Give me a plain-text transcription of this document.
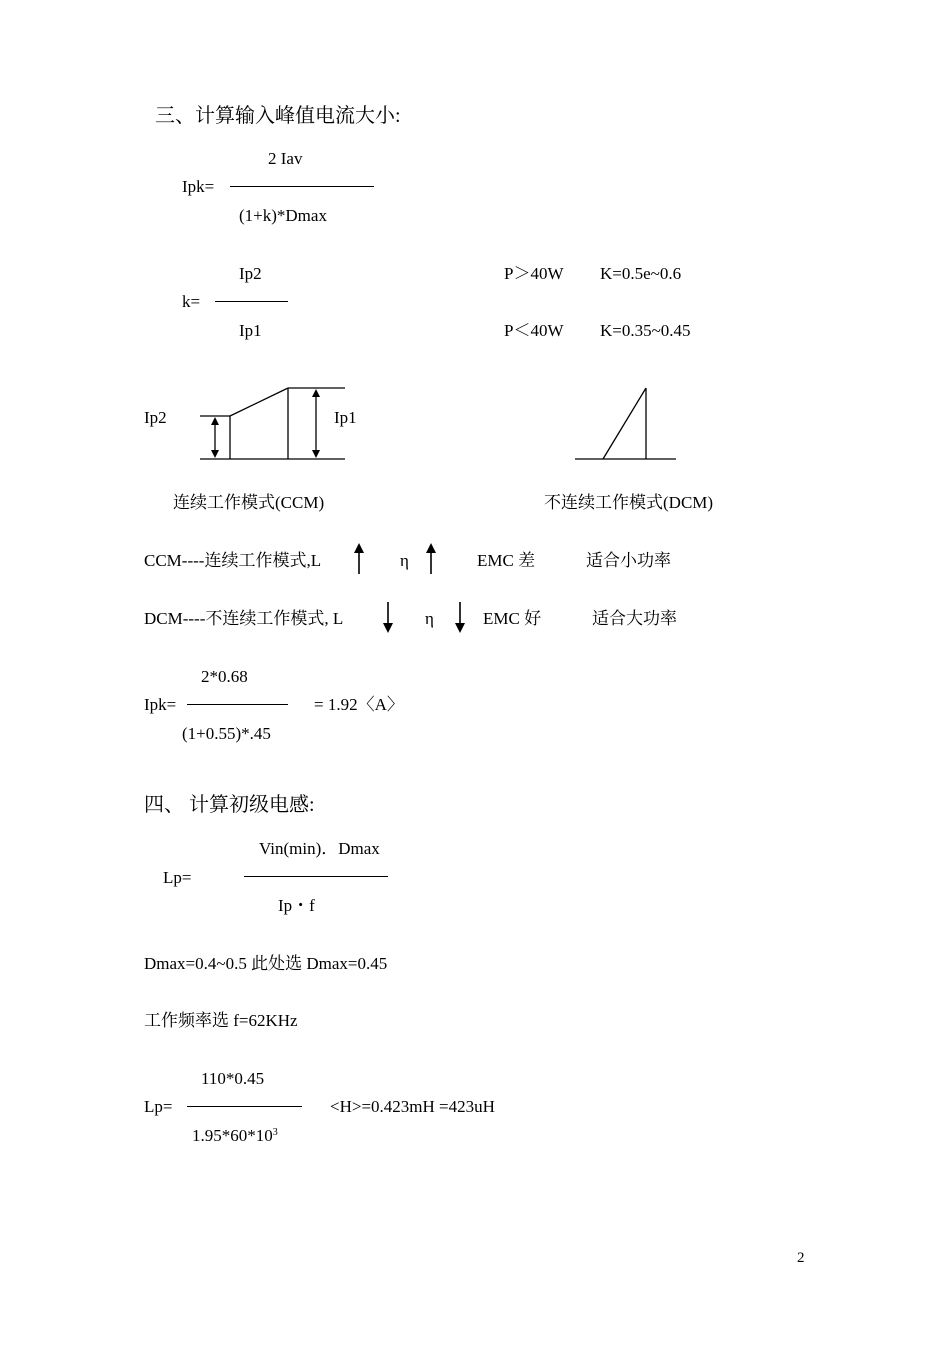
三、计算输入峰值电流大小:
2 Iav
Ipk=
(1+k)*Dmax
Ip2
k=
Ip1
P＞40W K=0.5e~0.6
P＜40W K=0.35~0.45
Ip2	Ip1
连续工作模式(CCM)	不连续工作模式(DCM)
CCM----连续工作模式,L	η	EMC 差	适合小功率
DCM----不连续工作模式, L	η	EMC 好	适合大功率
2*0.68
Ipk=	= 1.92〈A〉
(1+0.55)*.45
四、 计算初级电感:
Vin(min)．Dmax
Lp=
Ip・f
Dmax=0.4~0.5 此处选 Dmax=0.45
工作频率选 f=62KHz
110*0.45
Lp=	<H>=0.423mH =423uH
$1.95*60*10^3$
2
